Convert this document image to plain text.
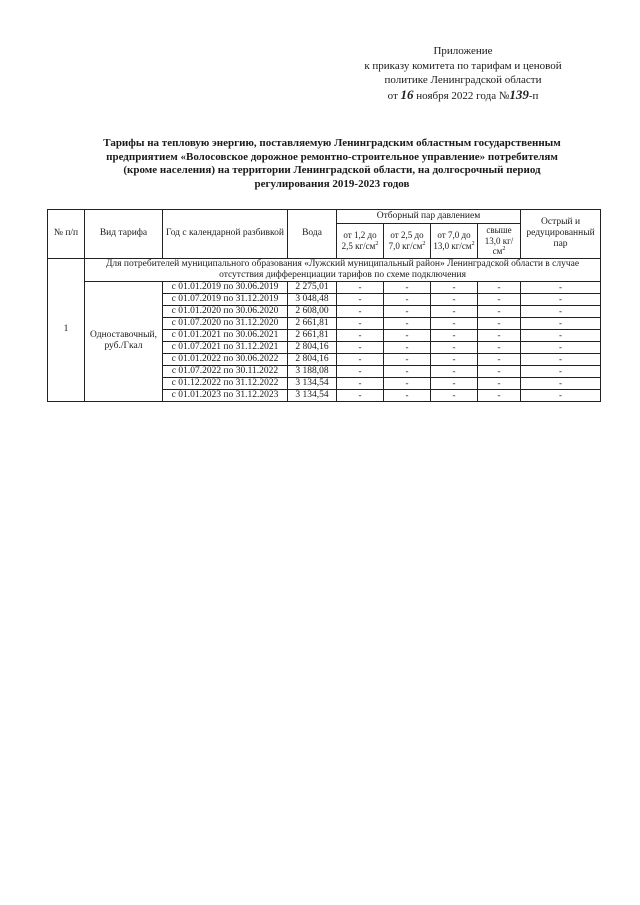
Приложение
к приказу комитета по тарифам и ценовой
политике Ленинградской области
от 16 ноября 2022 года №139-п
Тарифы на тепловую энергию, поставляемую Ленинградским областным государственным
предприятием «Волосовское дорожное ремонтно-строительное управление» потребителям
(кроме населения) на территории Ленинградской области, на долгосрочный период
регулирования 2019-2023 годов
№ п/п	Вид тарифа	Год с календарной разбивкой	Вода	Отборный пар давлением				Острый и редуцированный пар
				от 1,2 до 2,5 $кг/см^2$	от 2,5 до 7,0 $кг/см^2$	от 7,0 до 13,0 $кг/см^2$	свыше 13,0 $кг/см^2$
1	Для потребителей муниципального образования «Лужский муниципальный район» Ленинградской области в случае отсутствия дифференциации тарифов по схеме подключения							
	Одноставочный, руб./Гкал	с 01.01.2019 по 30.06.2019	2 275,01	-	-	-	-	-
		с 01.07.2019 по 31.12.2019	3 048,48	-	-	-	-	-
		с 01.01.2020 по 30.06.2020	2 608,00	-	-	-	-	-
		с 01.07.2020 по 31.12.2020	2 661,81	-	-	-	-	-
		с 01.01.2021 по 30.06.2021	2 661,81	-	-	-	-	-
		с 01.07.2021 по 31.12.2021	2 804,16	-	-	-	-	-
		с 01.01.2022 по 30.06.2022	2 804,16	-	-	-	-	-
		с 01.07.2022 по 30.11.2022	3 188,08	-	-	-	-	-
		с 01.12.2022 по 31.12.2022	3 134,54	-	-	-	-	-
		с 01.01.2023 по 31.12.2023	3 134,54	-	-	-	-	-
